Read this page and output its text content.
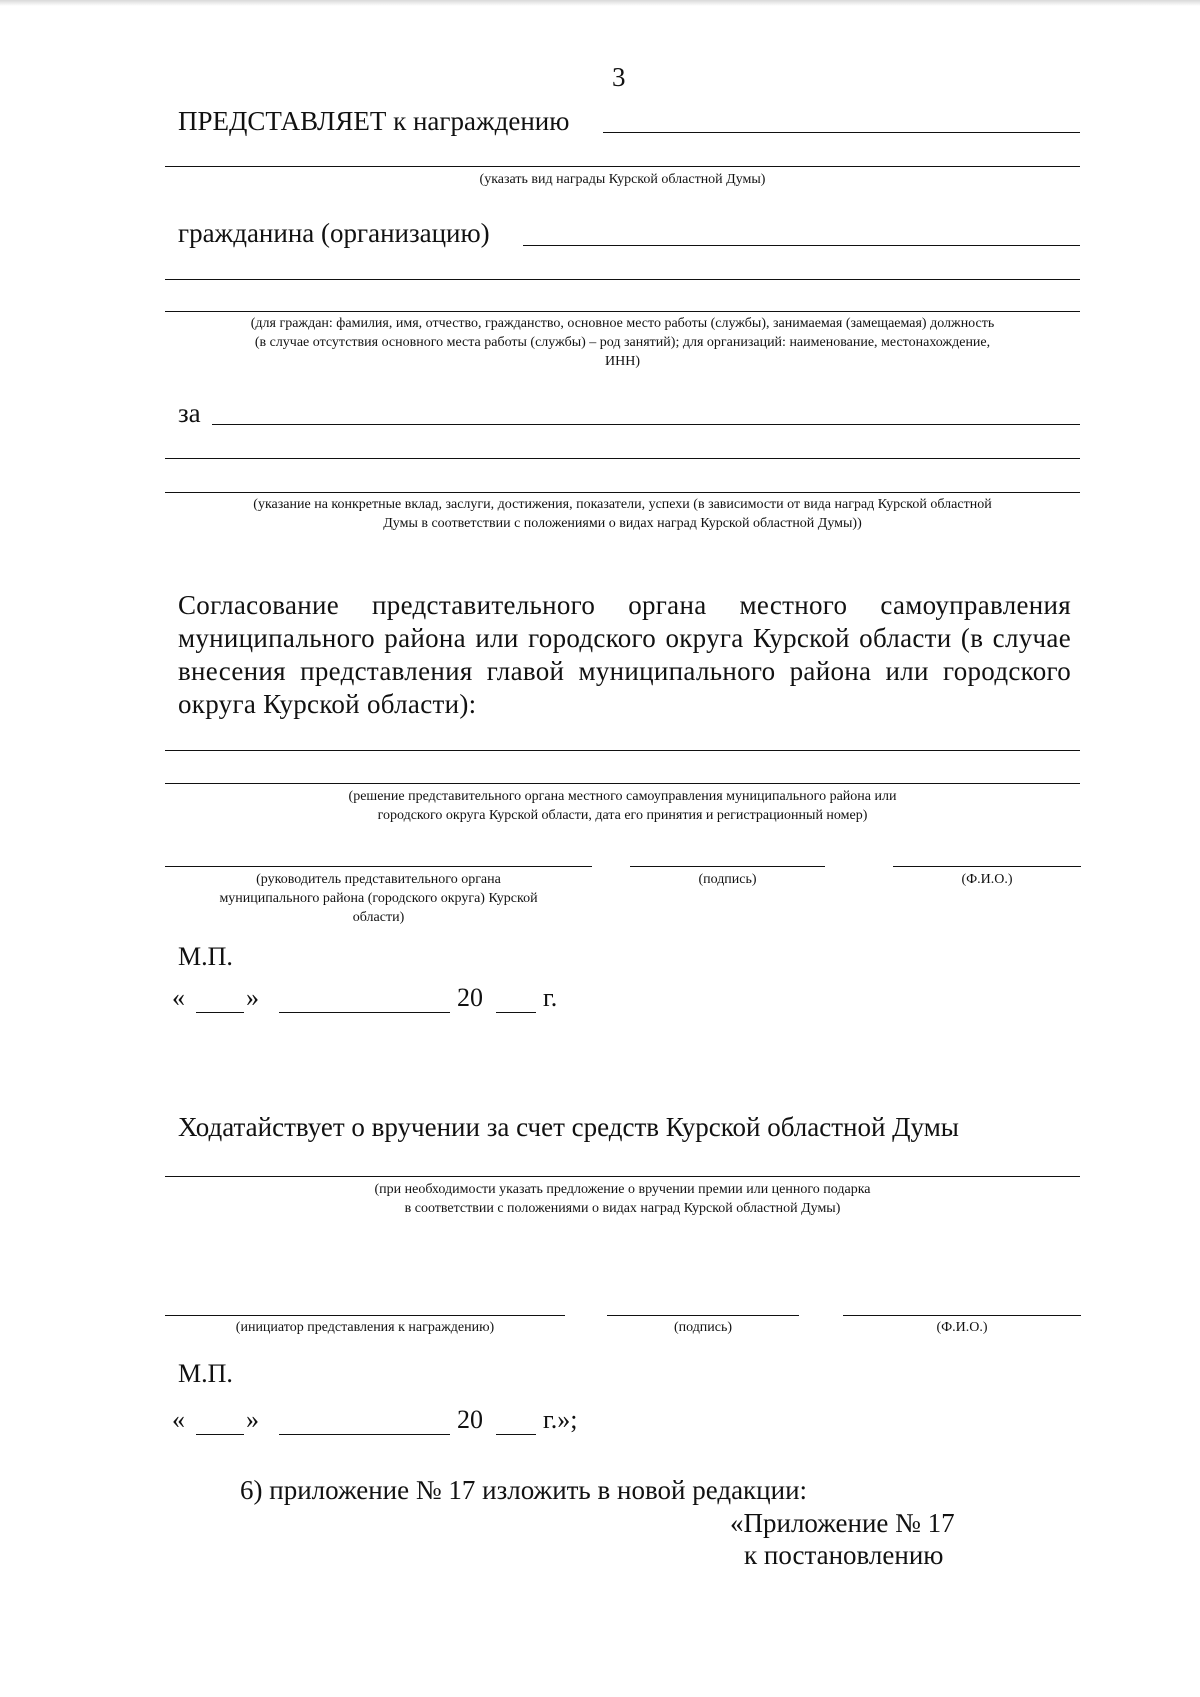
3
ПРЕДСТАВЛЯЕТ к награждению
(указать вид награды Курской областной Думы)
гражданина (организацию)
(для граждан: фамилия, имя, отчество, гражданство, основное место работы (службы), занимаемая (замещаемая) должность
(в случае отсутствия основного места работы (службы) – род занятий); для организаций: наименование, местонахождение,
ИНН)
за
(указание на конкретные вклад, заслуги, достижения, показатели, успехи (в зависимости от вида наград Курской областной
Думы в соответствии с положениями о видах наград Курской областной Думы))
Согласование представительного органа местного самоуправления муниципального района или городского округа Курской области (в случае внесения представления главой муниципального района или городского округа Курской области):
(решение представительного органа местного самоуправления муниципального района или
городского округа Курской области, дата его принятия и регистрационный номер)
(руководитель представительного органа
муниципального района (городского округа) Курской
области)
(подпись)	(Ф.И.О.)
М.П.
« »	20 г.
Ходатайствует о вручении за счет средств Курской областной Думы
(при необходимости указать предложение о вручении премии или ценного подарка
в соответствии с положениями о видах наград Курской областной Думы)
(инициатор представления к награждению)	(подпись)	(Ф.И.О.)
М.П.
« »	20 г.»;
6) приложение № 17 изложить в новой редакции:
«Приложение № 17
к постановлению
